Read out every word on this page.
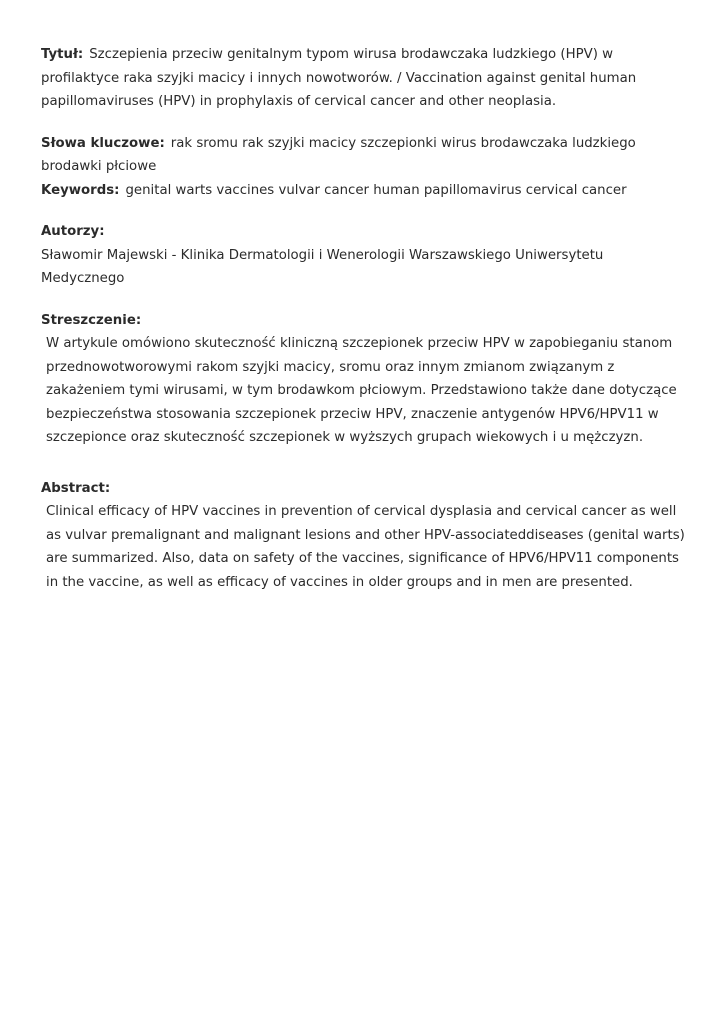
Tytuł: Szczepienia przeciw genitalnym typom wirusa brodawczaka ludzkiego (HPV) w profilaktyce raka szyjki macicy i innych nowotworów. / Vaccination against genital human papillomaviruses (HPV) in prophylaxis of cervical cancer and other neoplasia.

Słowa kluczowe: rak sromu rak szyjki macicy szczepionki wirus brodawczaka ludzkiego brodawki płciowe

Keywords: genital warts vaccines vulvar cancer human papillomavirus cervical cancer

Autorzy:
Sławomir Majewski - Klinika Dermatologii i Wenerologii Warszawskiego Uniwersytetu Medycznego
Streszczenie:
W artykule omówiono skuteczność kliniczną szczepionek przeciw HPV w zapobieganiu stanom przednowotworowymi rakom szyjki macicy, sromu oraz innym zmianom związanym z zakażeniem tymi wirusami, w tym brodawkom płciowym. Przedstawiono także dane dotyczące bezpieczeństwa stosowania szczepionek przeciw HPV, znaczenie antygenów HPV6/HPV11 w szczepionce oraz skuteczność szczepionek w wyższych grupach wiekowych i u mężczyzn.
Abstract:
Clinical efficacy of HPV vaccines in prevention of cervical dysplasia and cervical cancer as well as vulvar premalignant and malignant lesions and other HPV-associateddiseases (genital warts) are summarized. Also, data on safety of the vaccines, significance of HPV6/HPV11 components in the vaccine, as well as efficacy of vaccines in older groups and in men are presented.
